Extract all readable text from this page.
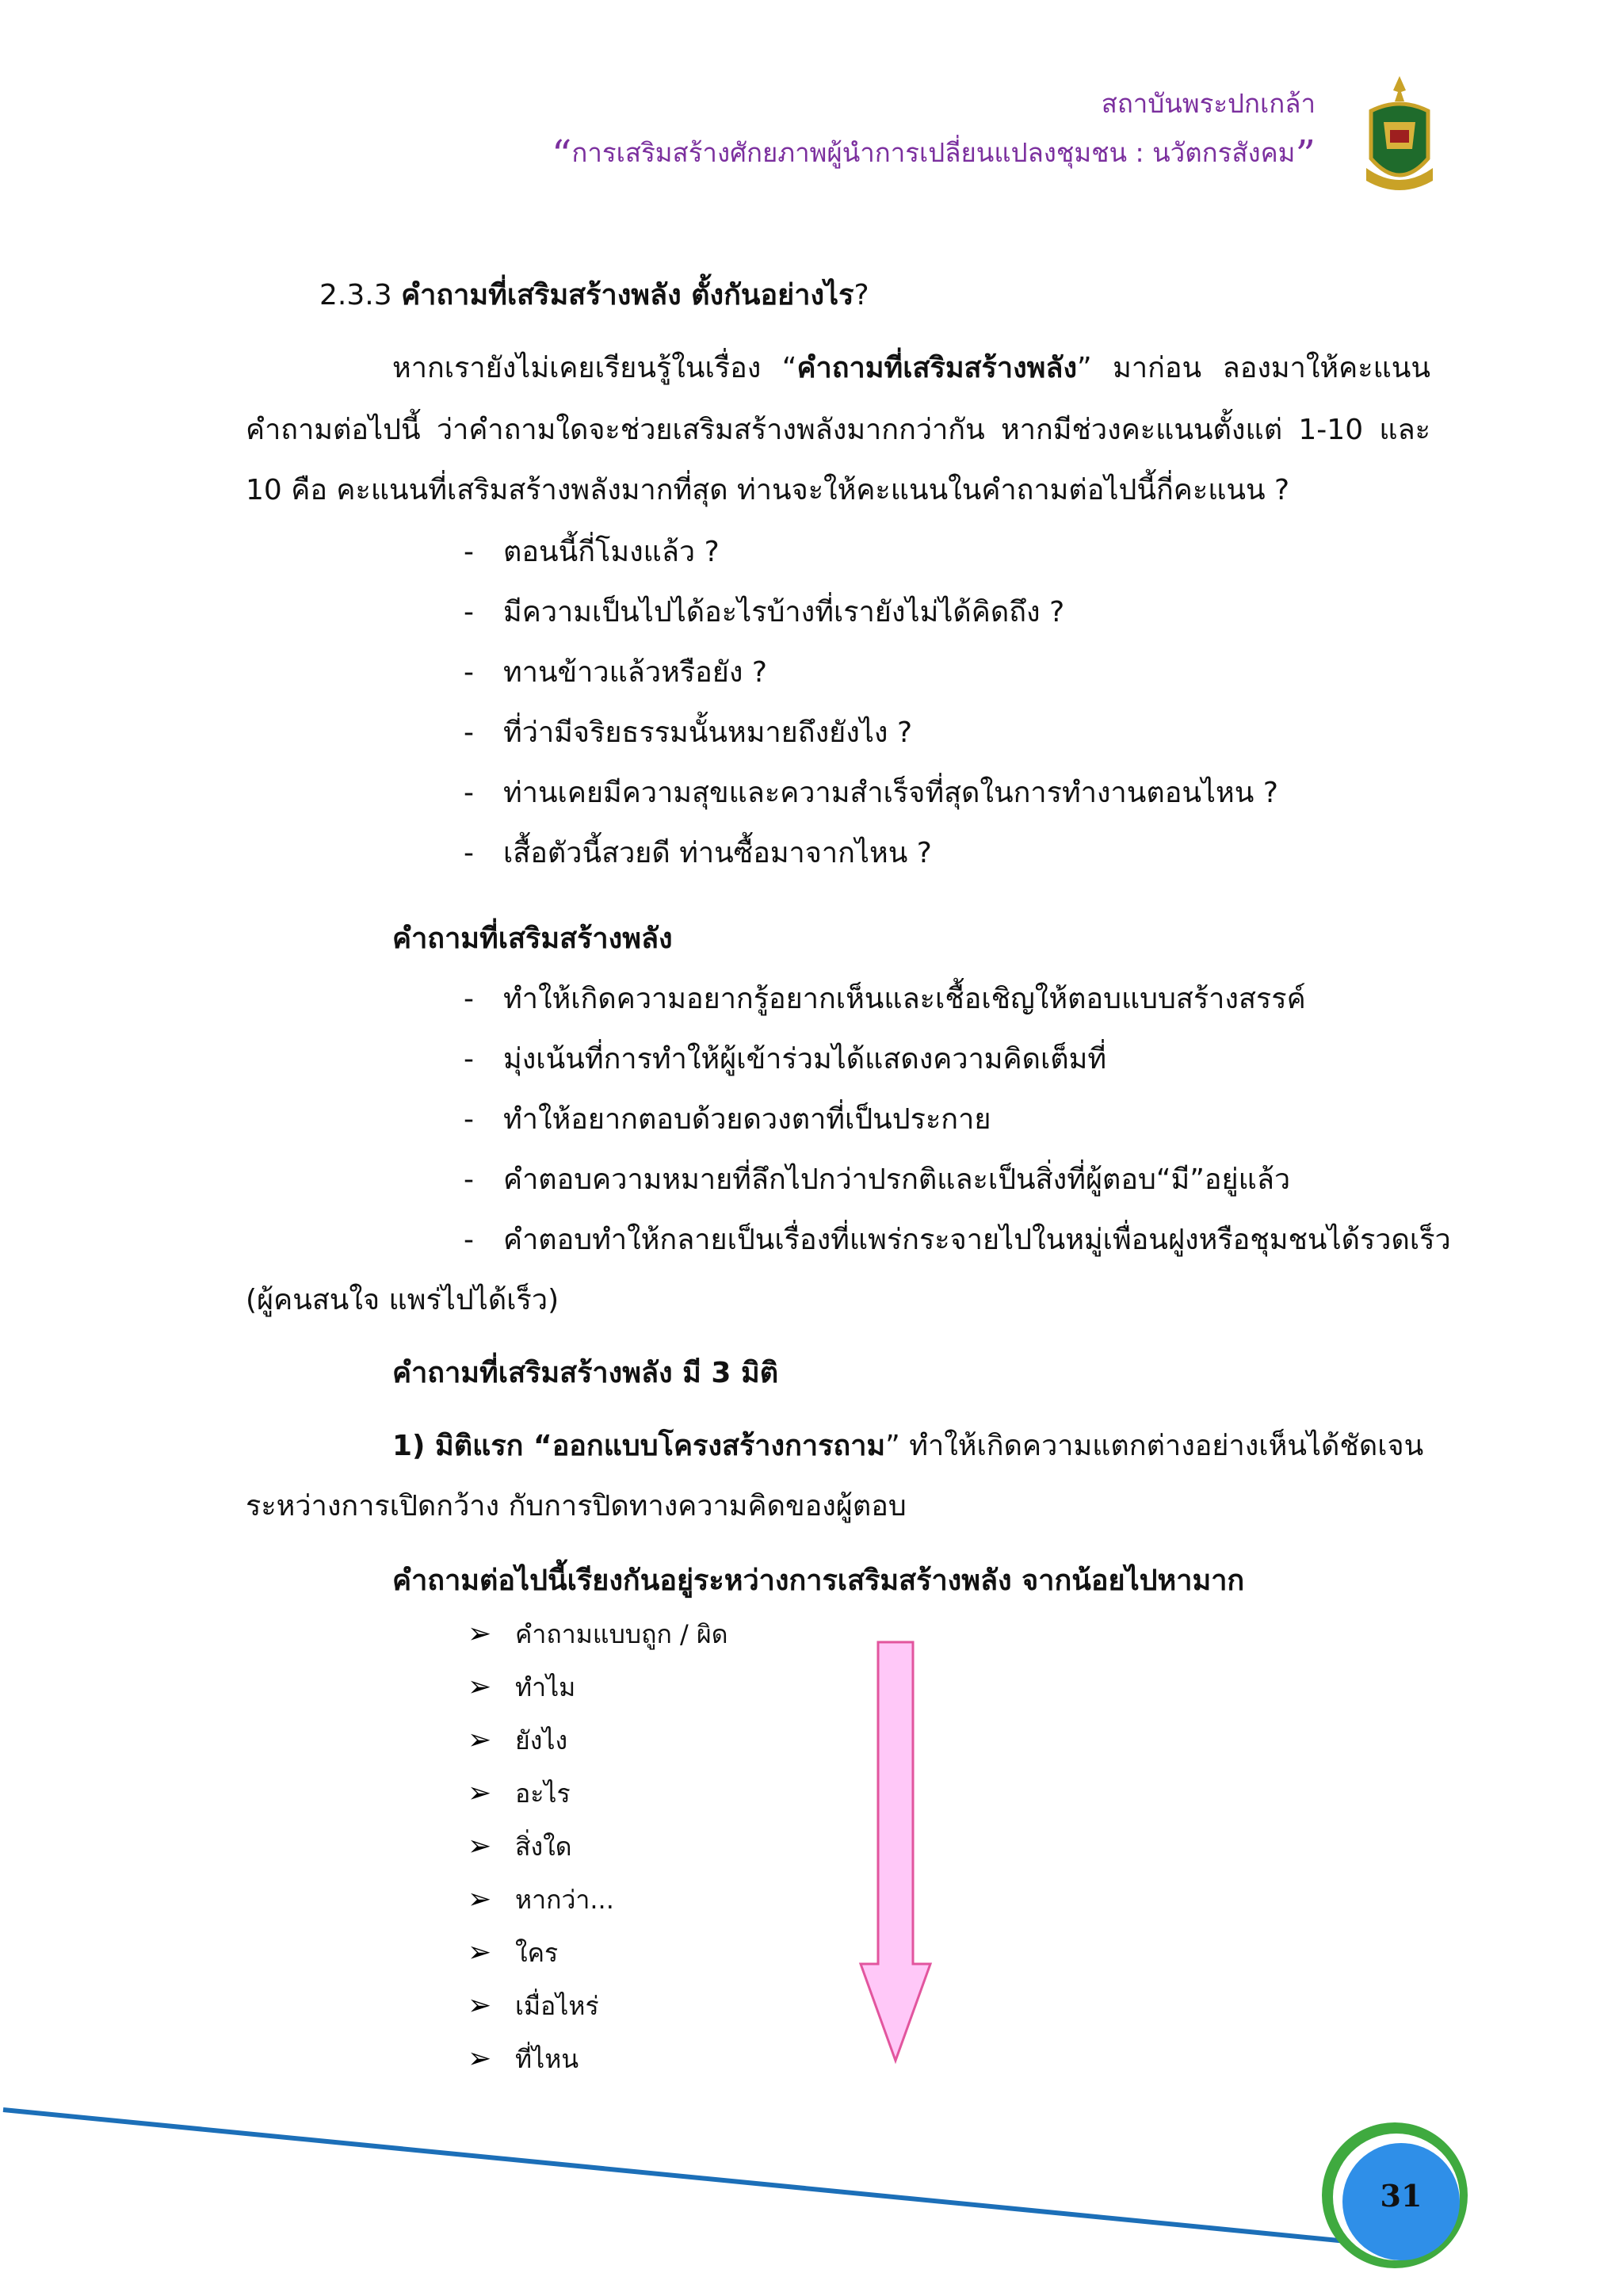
สถาบันพระปกเกล้า
“การเสริมสร้างศักยภาพผู้นำการเปลี่ยนแปลงชุมชน : นวัตกรสังคม”
2.3.3 คำถามที่เสริมสร้างพลัง ตั้งกันอย่างไร?
หากเรายังไม่เคยเรียนรู้ในเรื่อง “คำถามที่เสริมสร้างพลัง” มาก่อน ลองมาให้คะแนน
คำถามต่อไปนี้ ว่าคำถามใดจะช่วยเสริมสร้างพลังมากกว่ากัน หากมีช่วงคะแนนตั้งแต่ 1-10 และ
10 คือ คะแนนที่เสริมสร้างพลังมากที่สุด ท่านจะให้คะแนนในคำถามต่อไปนี้กี่คะแนน ?
- ตอนนี้กี่โมงแล้ว ?
- มีความเป็นไปได้อะไรบ้างที่เรายังไม่ได้คิดถึง ?
- ทานข้าวแล้วหรือยัง ?
- ที่ว่ามีจริยธรรมนั้นหมายถึงยังไง ?
- ท่านเคยมีความสุขและความสำเร็จที่สุดในการทำงานตอนไหน ?
- เสื้อตัวนี้สวยดี ท่านซื้อมาจากไหน ?
คำถามที่เสริมสร้างพลัง
- ทำให้เกิดความอยากรู้อยากเห็นและเชื้อเชิญให้ตอบแบบสร้างสรรค์
- มุ่งเน้นที่การทำให้ผู้เข้าร่วมได้แสดงความคิดเต็มที่
- ทำให้อยากตอบด้วยดวงตาที่เป็นประกาย
- คำตอบความหมายที่ลึกไปกว่าปรกติและเป็นสิ่งที่ผู้ตอบ“มี”อยู่แล้ว
- คำตอบทำให้กลายเป็นเรื่องที่แพร่กระจายไปในหมู่เพื่อนฝูงหรือชุมชนได้รวดเร็ว
(ผู้คนสนใจ แพร่ไปได้เร็ว)
คำถามที่เสริมสร้างพลัง มี 3 มิติ
1) มิติแรก “ออกแบบโครงสร้างการถาม” ทำให้เกิดความแตกต่างอย่างเห็นได้ชัดเจน
ระหว่างการเปิดกว้าง กับการปิดทางความคิดของผู้ตอบ
คำถามต่อไปนี้เรียงกันอยู่ระหว่างการเสริมสร้างพลัง จากน้อยไปหามาก
➢ คำถามแบบถูก / ผิด
➢ ทำไม
➢ ยังไง
➢ อะไร
➢ สิ่งใด
➢ หากว่า...
➢ ใคร
➢ เมื่อไหร่
➢ ที่ไหน
31
